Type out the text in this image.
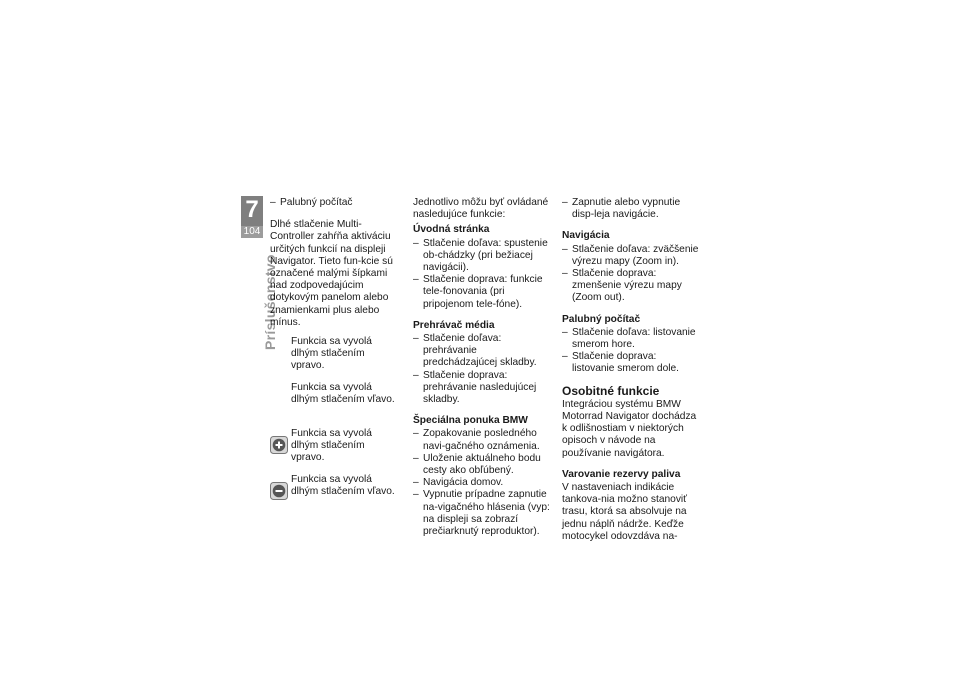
7
104
Príslušenstvo
– Palubný počítač

Dlhé stlačenie Multi-Controller zahŕňa aktiváciu určitých funkcií na displeji Navigator. Tieto fun-kcie sú označené malými šípkami nad zodpovedajúcim dotykovým panelom alebo znamienkami plus alebo mínus.

Funkcia sa vyvolá dlhým stlačením vpravo.
Funkcia sa vyvolá dlhým stlačením vľavo.
Funkcia sa vyvolá dlhým stlačením vpravo.
Funkcia sa vyvolá dlhým stlačením vľavo.

Jednotlivo môžu byť ovládané nasledujúce funkcie:

Úvodná stránka
– Stlačenie doľava: spustenie ob-chádzky (pri bežiacej navigácii).
– Stlačenie doprava: funkcie tele-fonovania (pri pripojenom tele-fóne).
Prehrávač média
– Stlačenie doľava: prehrávanie predchádzajúcej skladby.
– Stlačenie doprava: prehrávanie nasledujúcej skladby.
Špeciálna ponuka BMW
– Zopakovanie posledného navi-gačného oznámenia.
– Uloženie aktuálneho bodu cesty ako obľúbený.
– Navigácia domov.
– Vypnutie prípadne zapnutie na-vigačného hlásenia (vyp: na displeji sa zobrazí prečiarknutý reproduktor).
– Zapnutie alebo vypnutie disp-leja navigácie.
Navigácia
– Stlačenie doľava: zväčšenie výrezu mapy (Zoom in).
– Stlačenie doprava: zmenšenie výrezu mapy (Zoom out).
Palubný počítač
– Stlačenie doľava: listovanie smerom hore.
– Stlačenie doprava: listovanie smerom dole.
Osobitné funkcie

Integráciou systému BMW Motorrad Navigator dochádza k odlišnostiam v niektorých opisoch v návode na používanie navigátora.

Varovanie rezervy paliva

V nastaveniach indikácie tankova-nia možno stanoviť trasu, ktorá sa absolvuje na jednu náplň nádrže. Keďže motocykel odovzdáva na-
